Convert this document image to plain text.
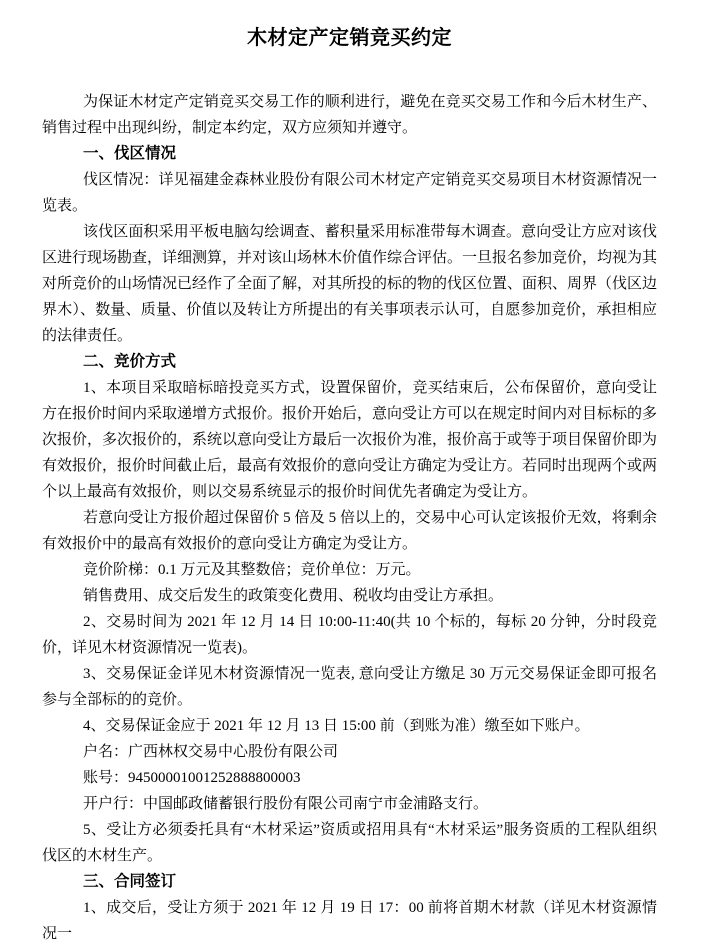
木材定产定销竞买约定

为保证木材定产定销竞买交易工作的顺利进行，避免在竞买交易工作和今后木材生产、销售过程中出现纠纷，制定本约定，双方应须知并遵守。

一、伐区情况

伐区情况：详见福建金森林业股份有限公司木材定产定销竞买交易项目木材资源情况一览表。

该伐区面积采用平板电脑勾绘调查、蓄积量采用标准带每木调查。意向受让方应对该伐区进行现场勘查，详细测算，并对该山场林木价值作综合评估。一旦报名参加竞价，均视为其对所竞价的山场情况已经作了全面了解，对其所投的标的物的伐区位置、面积、周界（伐区边界木）、数量、质量、价值以及转让方所提出的有关事项表示认可，自愿参加竞价，承担相应的法律责任。

二、竞价方式

1、本项目采取暗标暗投竞买方式，设置保留价，竞买结束后，公布保留价，意向受让方在报价时间内采取递增方式报价。报价开始后，意向受让方可以在规定时间内对目标标的多次报价，多次报价的，系统以意向受让方最后一次报价为准，报价高于或等于项目保留价即为有效报价，报价时间截止后，最高有效报价的意向受让方确定为受让方。若同时出现两个或两个以上最高有效报价，则以交易系统显示的报价时间优先者确定为受让方。

若意向受让方报价超过保留价 5 倍及 5 倍以上的，交易中心可认定该报价无效，将剩余有效报价中的最高有效报价的意向受让方确定为受让方。

竞价阶梯：0.1 万元及其整数倍；竞价单位：万元。

销售费用、成交后发生的政策变化费用、税收均由受让方承担。

2、交易时间为 2021 年 12 月 14 日 10:00-11:40(共 10 个标的，每标 20 分钟，分时段竞价，详见木材资源情况一览表)。

3、交易保证金详见木材资源情况一览表, 意向受让方缴足 30 万元交易保证金即可报名参与全部标的的竞价。

4、交易保证金应于 2021 年 12 月 13 日 15:00 前（到账为准）缴至如下账户。

户名：广西林权交易中心股份有限公司

账号：94500001001252888800003

开户行：中国邮政储蓄银行股份有限公司南宁市金浦路支行。

5、受让方必须委托具有“木材采运”资质或招用具有“木材采运”服务资质的工程队组织伐区的木材生产。

三、合同签订

1、成交后，受让方须于 2021 年 12 月 19 日 17：00 前将首期木材款（详见木材资源情况一
